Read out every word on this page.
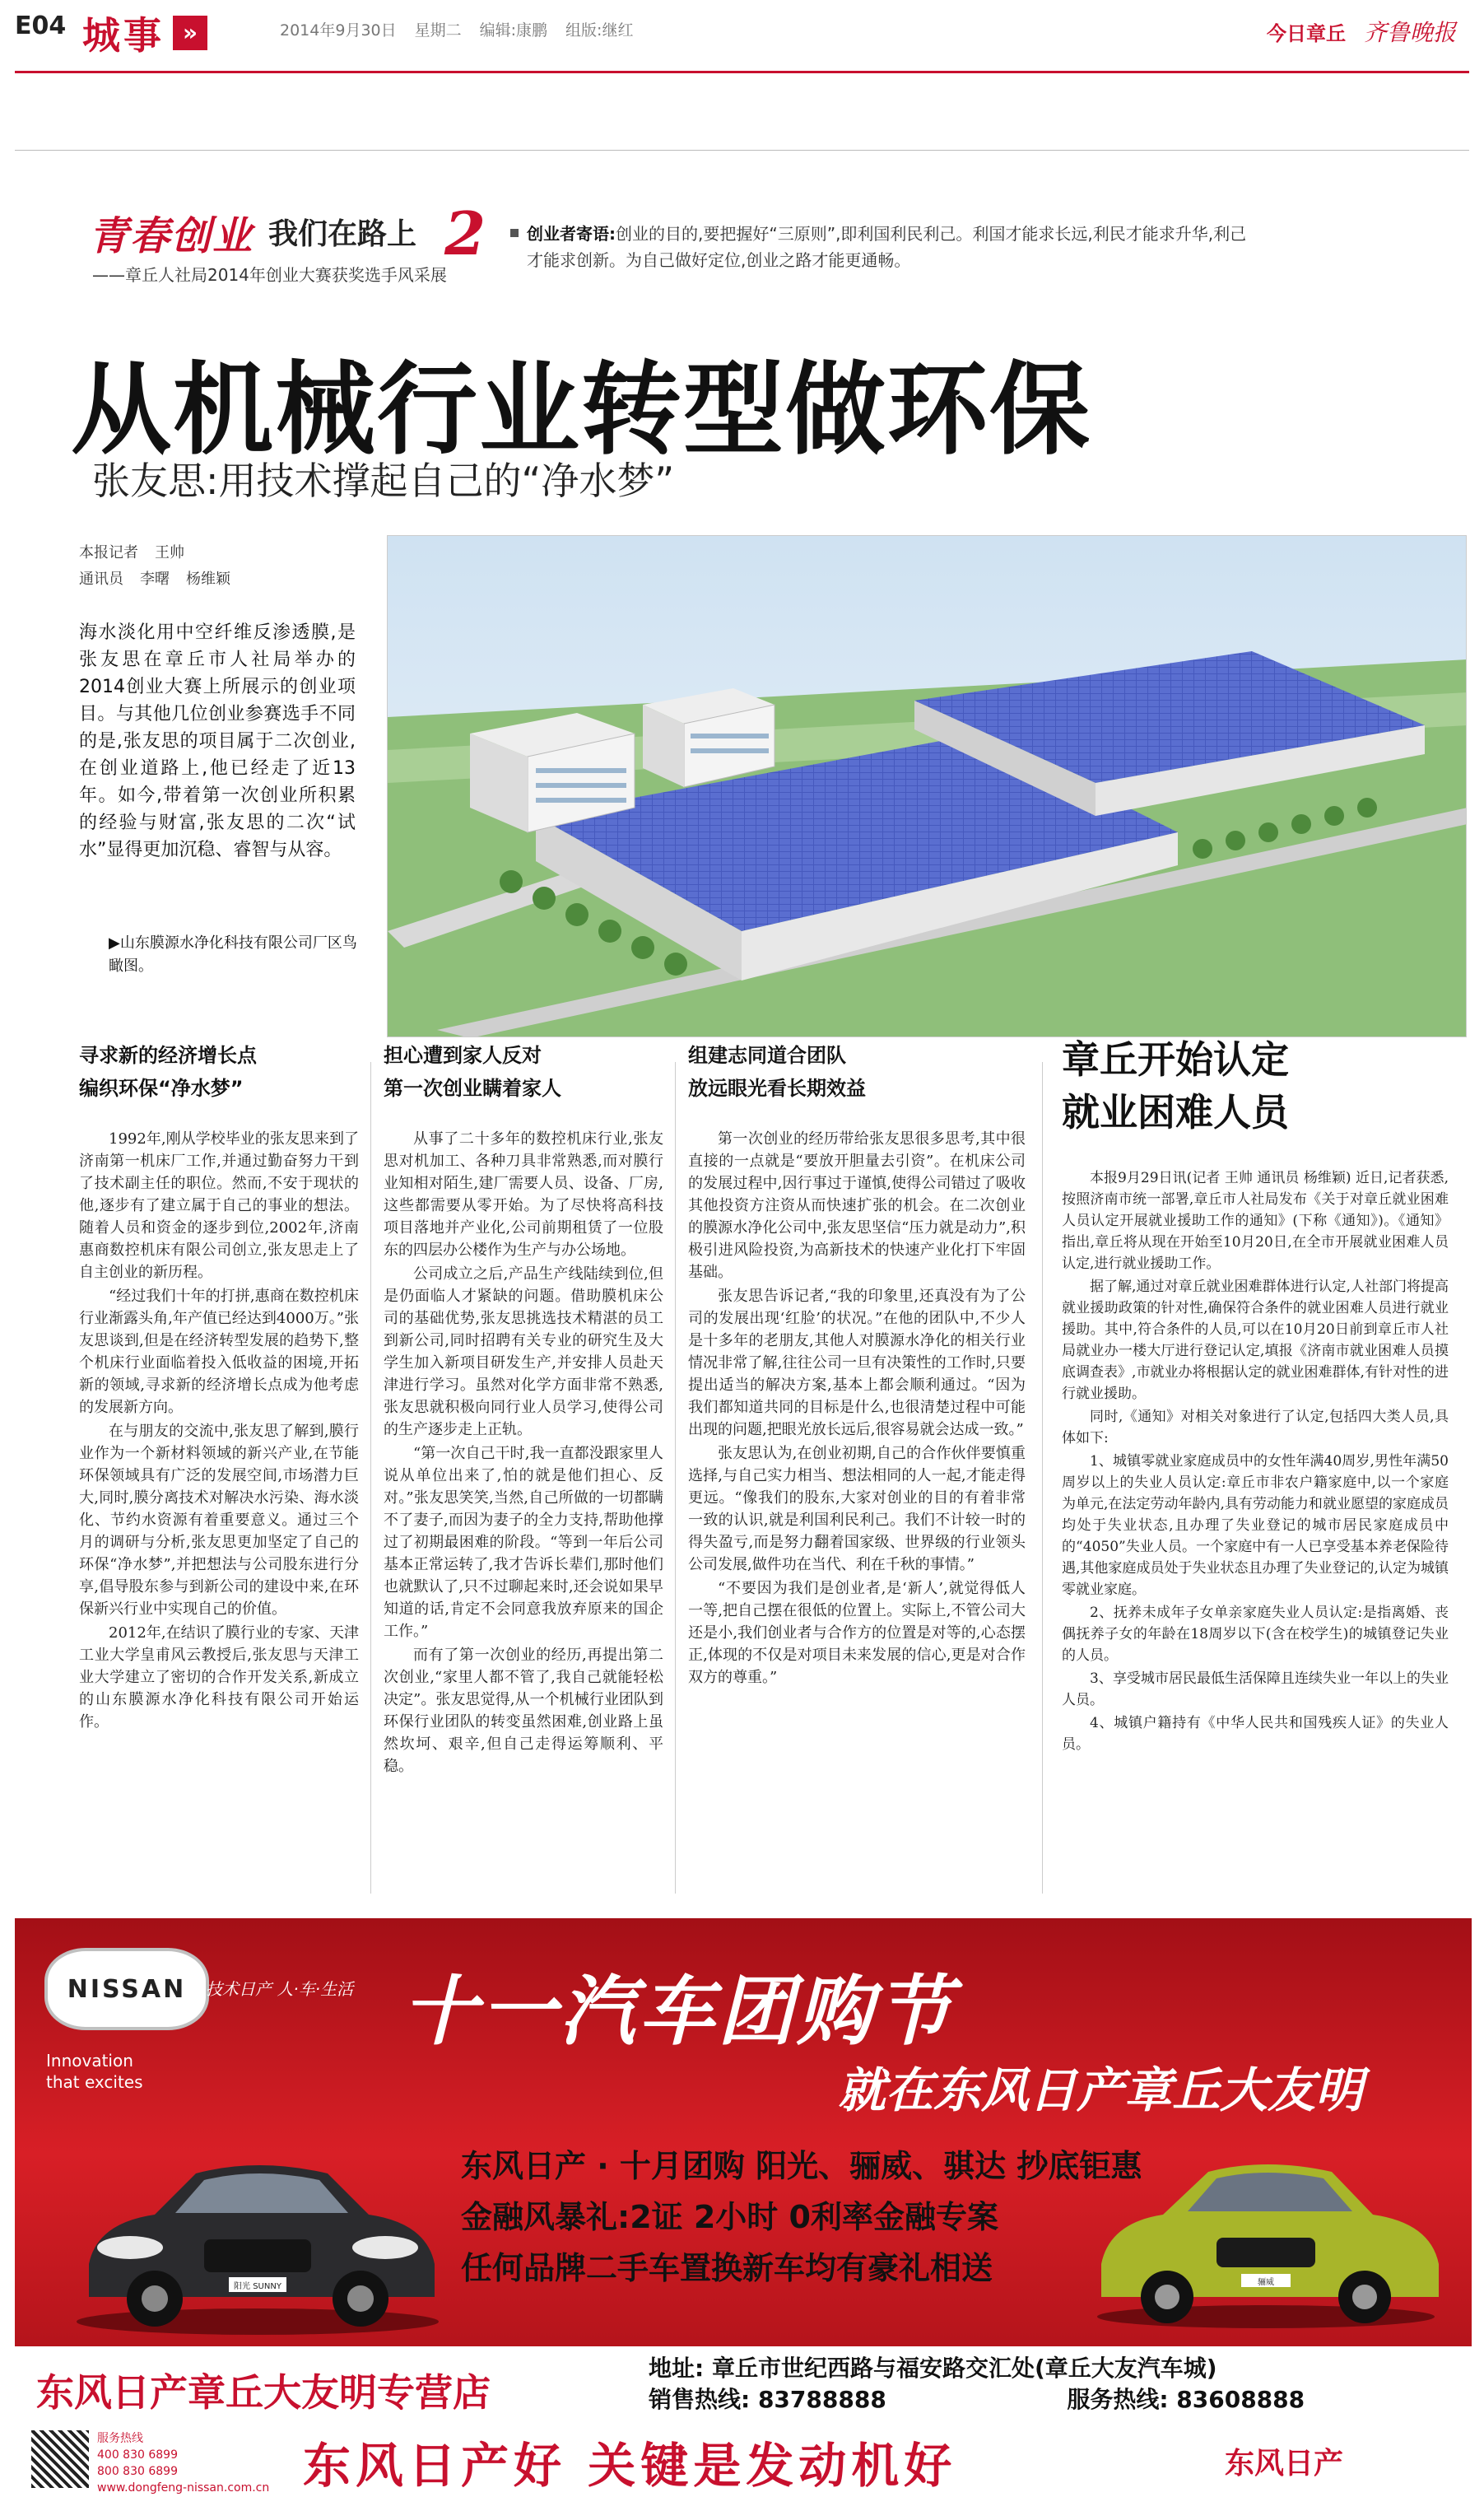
E04 城事 »	2014年9月30日 星期二 编辑:康鹏 组版:继红	今日章丘 齐鲁晚报
青春创业 我们在路上 2
——章丘人社局2014年创业大赛获奖选手风采展
创业者寄语:创业的目的,要把握好“三原则”,即利国利民利己。利国才能求长远,利民才能求升华,利己才能求创新。为自己做好定位,创业之路才能更通畅。
从机械行业转型做环保
张友思:用技术撑起自己的“净水梦”
本报记者 王帅
通讯员 李曙 杨维颖
海水淡化用中空纤维反渗透膜,是张友思在章丘市人社局举办的2014创业大赛上所展示的创业项目。与其他几位创业参赛选手不同的是,张友思的项目属于二次创业,在创业道路上,他已经走了近13年。如今,带着第一次创业所积累的经验与财富,张友思的二次“试水”显得更加沉稳、睿智与从容。
▶山东膜源水净化科技有限公司厂区鸟瞰图。
寻求新的经济增长点
编织环保“净水梦”

1992年,刚从学校毕业的张友思来到了济南第一机床厂工作,并通过勤奋努力干到了技术副主任的职位。然而,不安于现状的他,逐步有了建立属于自己的事业的想法。随着人员和资金的逐步到位,2002年,济南惠商数控机床有限公司创立,张友思走上了自主创业的新历程。

“经过我们十年的打拼,惠商在数控机床行业渐露头角,年产值已经达到4000万。”张友思谈到,但是在经济转型发展的趋势下,整个机床行业面临着投入低收益的困境,开拓新的领域,寻求新的经济增长点成为他考虑的发展新方向。

在与朋友的交流中,张友思了解到,膜行业作为一个新材料领域的新兴产业,在节能环保领域具有广泛的发展空间,市场潜力巨大,同时,膜分离技术对解决水污染、海水淡化、节约水资源有着重要意义。通过三个月的调研与分析,张友思更加坚定了自己的环保“净水梦”,并把想法与公司股东进行分享,倡导股东参与到新公司的建设中来,在环保新兴行业中实现自己的价值。

2012年,在结识了膜行业的专家、天津工业大学皇甫风云教授后,张友思与天津工业大学建立了密切的合作开发关系,新成立的山东膜源水净化科技有限公司开始运作。

担心遭到家人反对
第一次创业瞒着家人

从事了二十多年的数控机床行业,张友思对机加工、各种刀具非常熟悉,而对膜行业知相对陌生,建厂需要人员、设备、厂房,这些都需要从零开始。为了尽快将高科技项目落地并产业化,公司前期租赁了一位股东的四层办公楼作为生产与办公场地。

公司成立之后,产品生产线陆续到位,但是仍面临人才紧缺的问题。借助膜机床公司的基础优势,张友思挑选技术精湛的员工到新公司,同时招聘有关专业的研究生及大学生加入新项目研发生产,并安排人员赴天津进行学习。虽然对化学方面非常不熟悉,张友思就积极向同行业人员学习,使得公司的生产逐步走上正轨。

“第一次自己干时,我一直都没跟家里人说从单位出来了,怕的就是他们担心、反对。”张友思笑笑,当然,自己所做的一切都瞒不了妻子,而因为妻子的全力支持,帮助他撑过了初期最困难的阶段。“等到一年后公司基本正常运转了,我才告诉长辈们,那时他们也就默认了,只不过聊起来时,还会说如果早知道的话,肯定不会同意我放弃原来的国企工作。”

而有了第一次创业的经历,再提出第二次创业,“家里人都不管了,我自己就能轻松决定”。张友思觉得,从一个机械行业团队到环保行业团队的转变虽然困难,创业路上虽然坎坷、艰辛,但自己走得运筹顺利、平稳。

组建志同道合团队
放远眼光看长期效益

第一次创业的经历带给张友思很多思考,其中很直接的一点就是“要放开胆量去引资”。在机床公司的发展过程中,因行事过于谨慎,使得公司错过了吸收其他投资方注资从而快速扩张的机会。在二次创业的膜源水净化公司中,张友思坚信“压力就是动力”,积极引进风险投资,为高新技术的快速产业化打下牢固基础。

张友思告诉记者,“我的印象里,还真没有为了公司的发展出现‘红脸’的状况。”在他的团队中,不少人是十多年的老朋友,其他人对膜源水净化的相关行业情况非常了解,往往公司一旦有决策性的工作时,只要提出适当的解决方案,基本上都会顺利通过。“因为我们都知道共同的目标是什么,也很清楚过程中可能出现的问题,把眼光放长远后,很容易就会达成一致。”

张友思认为,在创业初期,自己的合作伙伴要慎重选择,与自己实力相当、想法相同的人一起,才能走得更远。“像我们的股东,大家对创业的目的有着非常一致的认识,就是利国利民利己。我们不计较一时的得失盈亏,而是努力翻着国家级、世界级的行业领头公司发展,做件功在当代、利在千秋的事情。”

“不要因为我们是创业者,是‘新人’,就觉得低人一等,把自己摆在很低的位置上。实际上,不管公司大还是小,我们创业者与合作方的位置是对等的,心态摆正,体现的不仅是对项目未来发展的信心,更是对合作双方的尊重。”

章丘开始认定
就业困难人员

本报9月29日讯(记者 王帅 通讯员 杨维颖) 近日,记者获悉,按照济南市统一部署,章丘市人社局发布《关于对章丘就业困难人员认定开展就业援助工作的通知》(下称《通知》)。《通知》指出,章丘将从现在开始至10月20日,在全市开展就业困难人员认定,进行就业援助工作。

据了解,通过对章丘就业困难群体进行认定,人社部门将提高就业援助政策的针对性,确保符合条件的就业困难人员进行就业援助。其中,符合条件的人员,可以在10月20日前到章丘市人社局就业办一楼大厅进行登记认定,填报《济南市就业困难人员摸底调查表》,市就业办将根据认定的就业困难群体,有针对性的进行就业援助。

同时,《通知》对相关对象进行了认定,包括四大类人员,具体如下:

1、城镇零就业家庭成员中的女性年满40周岁,男性年满50周岁以上的失业人员认定:章丘市非农户籍家庭中,以一个家庭为单元,在法定劳动年龄内,具有劳动能力和就业愿望的家庭成员均处于失业状态,且办理了失业登记的城市居民家庭成员中的“4050”失业人员。一个家庭中有一人已享受基本养老保险待遇,其他家庭成员处于失业状态且办理了失业登记的,认定为城镇零就业家庭。

2、抚养未成年子女单亲家庭失业人员认定:是指离婚、丧偶抚养子女的年龄在18周岁以下(含在校学生)的城镇登记失业的人员。

3、享受城市居民最低生活保障且连续失业一年以上的失业人员。

4、城镇户籍持有《中华人民共和国残疾人证》的失业人员。

NISSAN
Innovation
that excites
技术日产 人·车·生活 十一汽车团购节
就在东风日产章丘大友明
阳光 SUNNY	骊威
东风日产 · 十月团购 阳光、骊威、骐达 抄底钜惠
金融风暴礼:2证 2小时 0利率金融专案
任何品牌二手车置换新车均有豪礼相送
东风日产章丘大友明专营店
地址: 章丘市世纪西路与福安路交汇处(章丘大友汽车城)
销售热线: 83788888	服务热线: 83608888
服务热线
400 830 6899
800 830 6899
www.dongfeng-nissan.com.cn 东风日产好 关键是发动机好	东风日产
